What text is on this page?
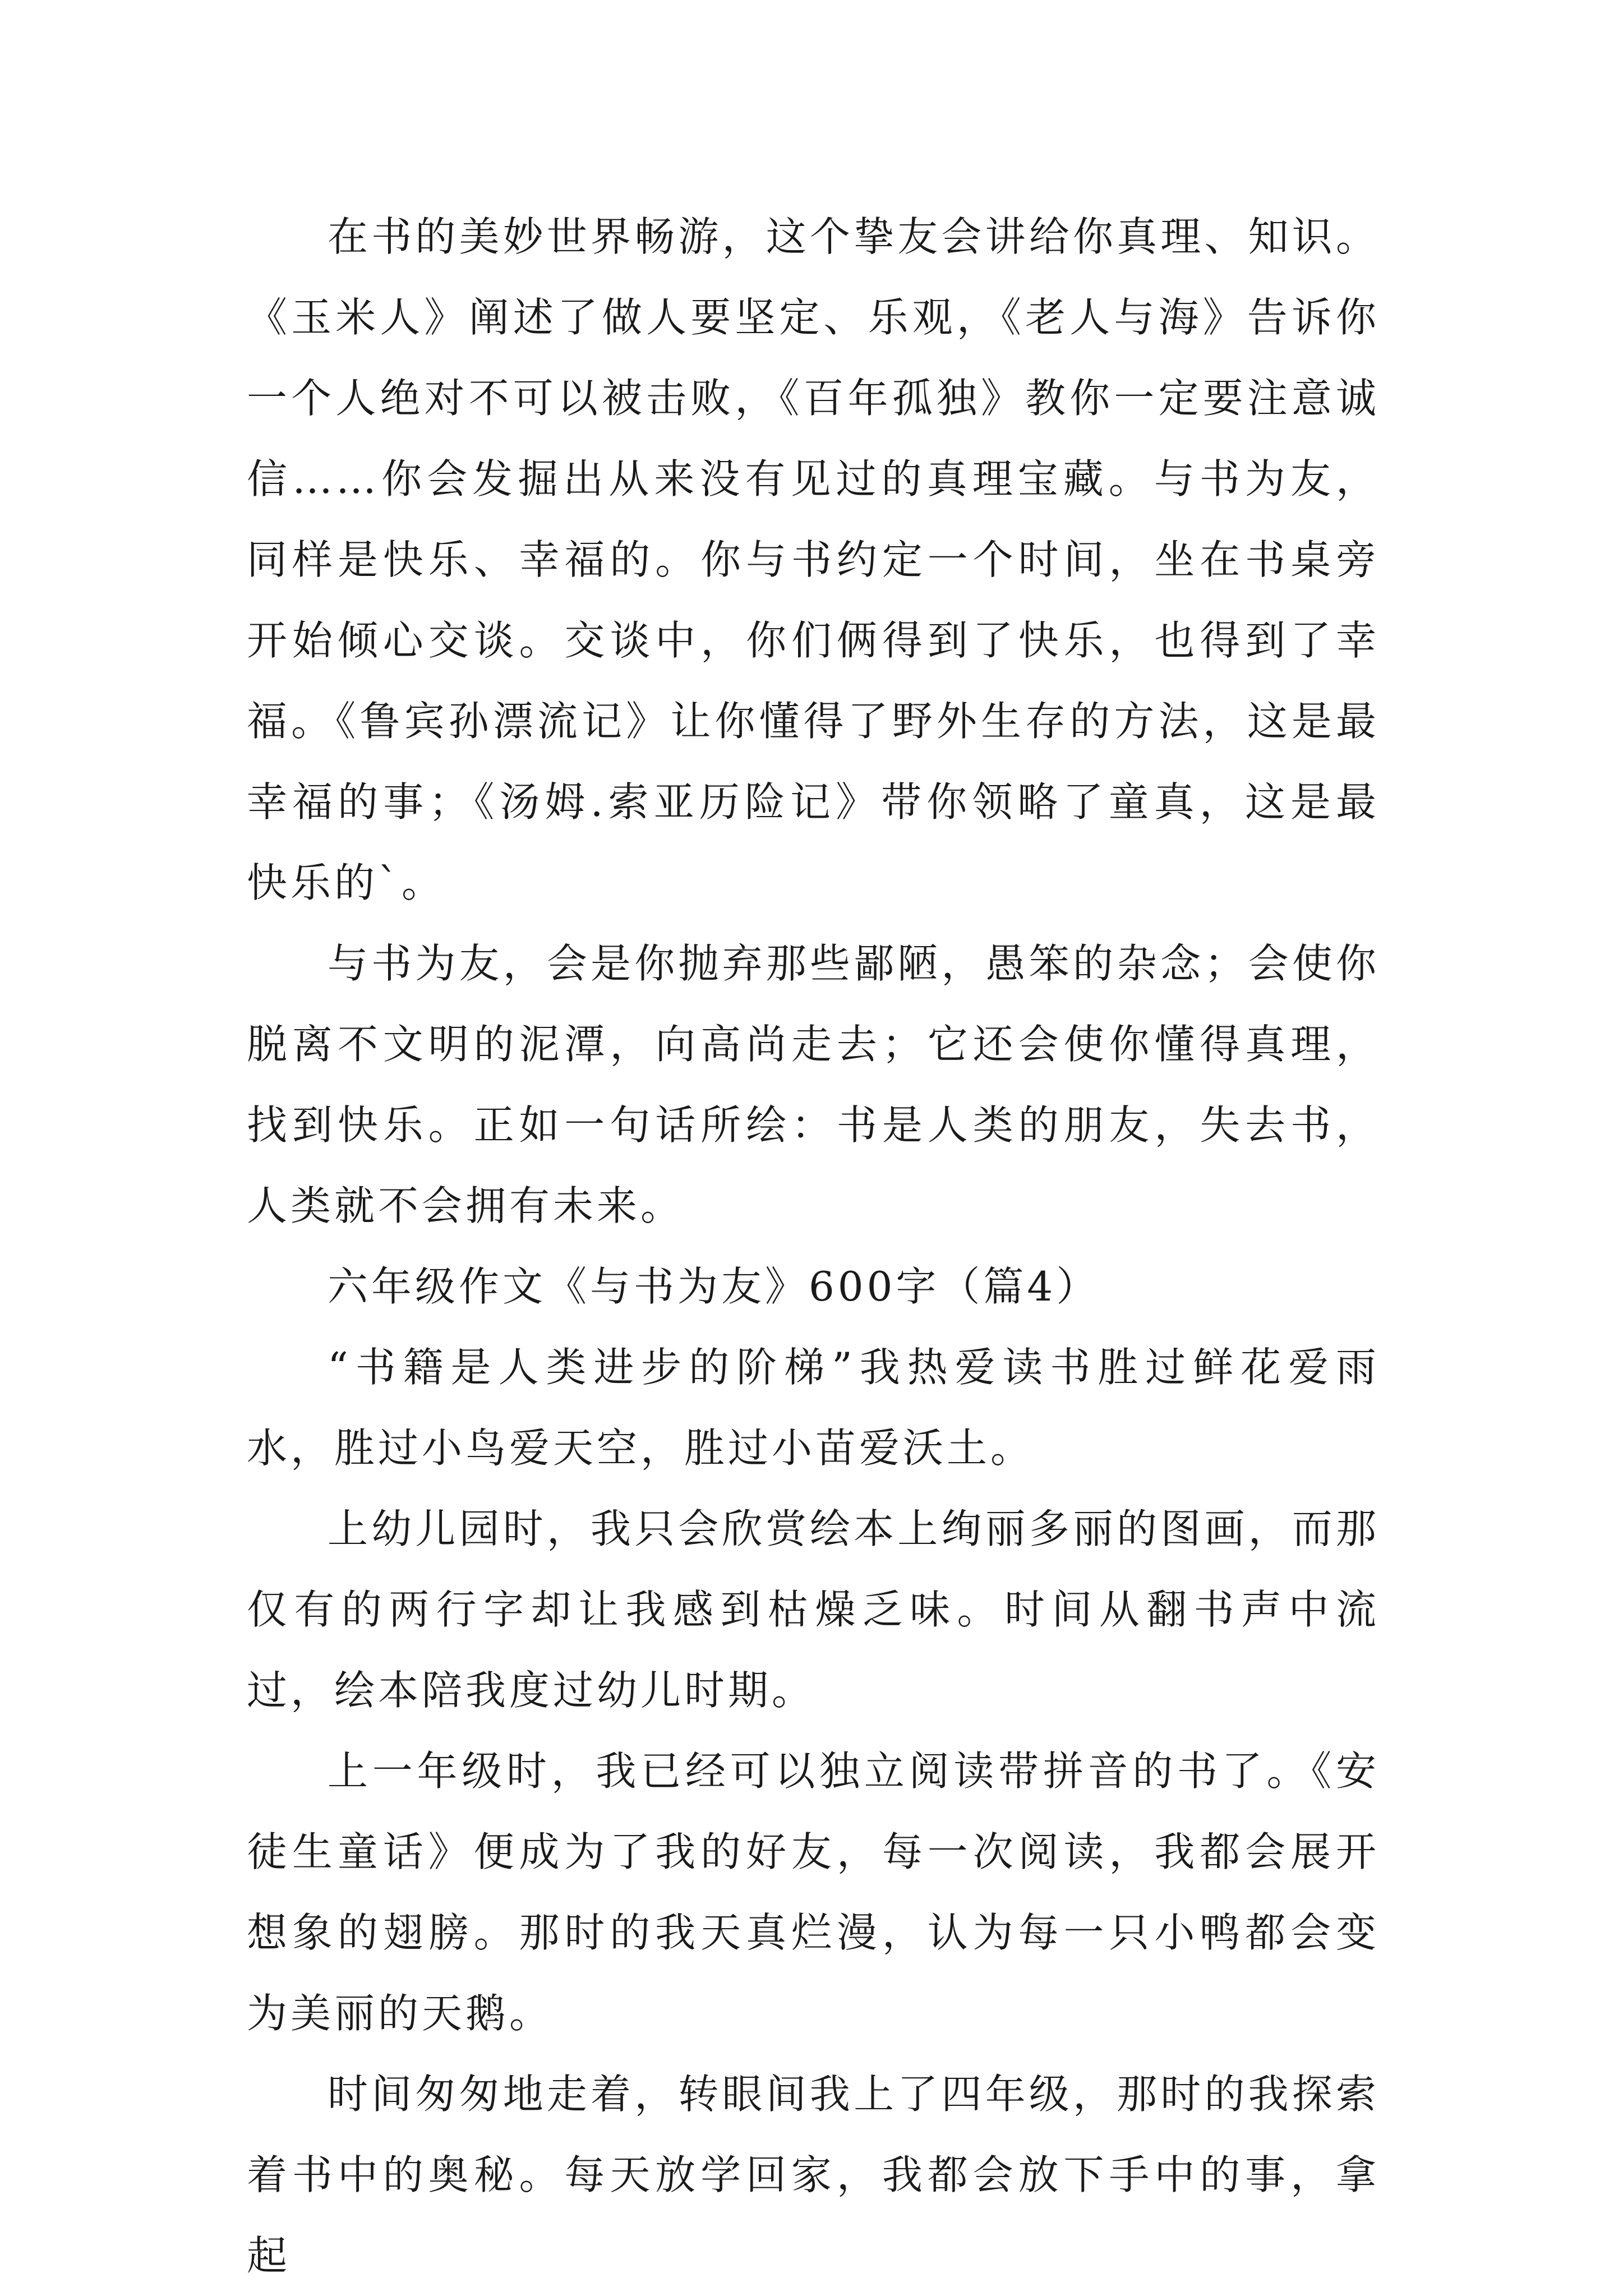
在书的美妙世界畅游，这个挚友会讲给你真理、知识。《玉米人》阐述了做人要坚定、乐观，《老人与海》告诉你一个人绝对不可以被击败，《百年孤独》教你一定要注意诚信……你会发掘出从来没有见过的真理宝藏。与书为友，同样是快乐、幸福的。你与书约定一个时间，坐在书桌旁开始倾心交谈。交谈中，你们俩得到了快乐，也得到了幸福。《鲁宾孙漂流记》让你懂得了野外生存的方法，这是最幸福的事；《汤姆.索亚历险记》带你领略了童真，这是最快乐的`。

与书为友，会是你抛弃那些鄙陋，愚笨的杂念；会使你脱离不文明的泥潭，向高尚走去；它还会使你懂得真理，找到快乐。正如一句话所绘：书是人类的朋友，失去书，人类就不会拥有未来。

六年级作文《与书为友》600字（篇4）

“书籍是人类进步的阶梯”我热爱读书胜过鲜花爱雨水，胜过小鸟爱天空，胜过小苗爱沃土。

上幼儿园时，我只会欣赏绘本上绚丽多丽的图画，而那仅有的两行字却让我感到枯燥乏味。时间从翻书声中流过，绘本陪我度过幼儿时期。

上一年级时，我已经可以独立阅读带拼音的书了。《安徒生童话》便成为了我的好友，每一次阅读，我都会展开想象的翅膀。那时的我天真烂漫，认为每一只小鸭都会变为美丽的天鹅。

时间匆匆地走着，转眼间我上了四年级，那时的我探索着书中的奥秘。每天放学回家，我都会放下手中的事，拿起
